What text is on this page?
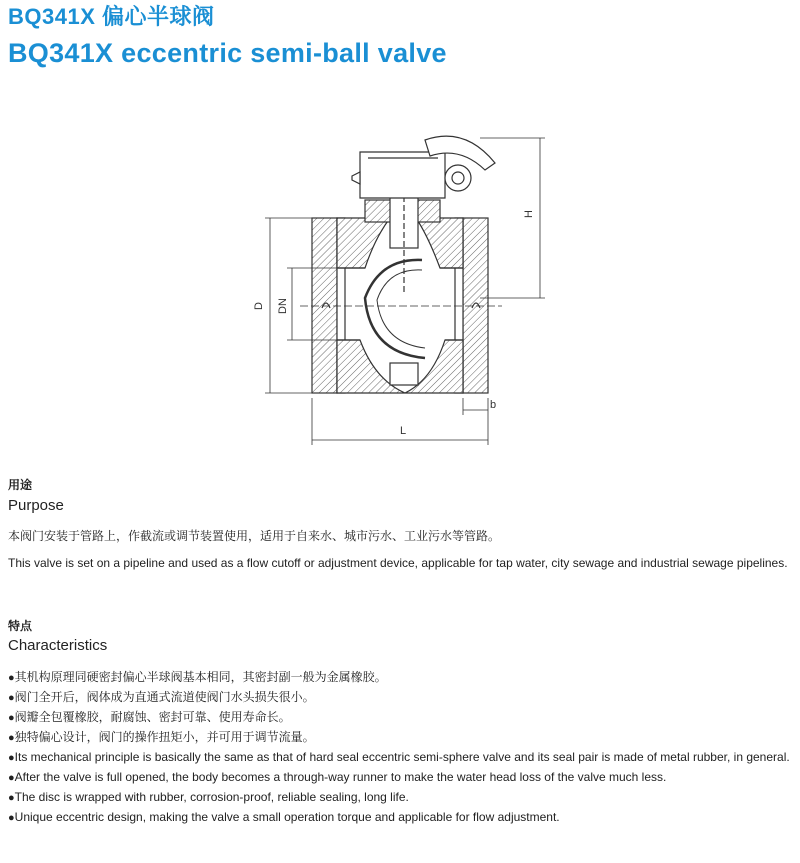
BQ341X 偏心半球阀
BQ341X eccentric semi-ball valve
H
D DN
L
b
用途
Purpose
本阀门安装于管路上，作截流或调节装置使用，适用于自来水、城市污水、工业污水等管路。
This valve is set on a pipeline and used as a flow cutoff or adjustment device, applicable for tap water, city sewage and industrial sewage pipelines.
特点
Characteristics
●其机构原理同硬密封偏心半球阀基本相同，其密封副一般为金属橡胶。
●阀门全开后，阀体成为直通式流道使阀门水头损失很小。
●阀瓣全包覆橡胶，耐腐蚀、密封可靠、使用寿命长。
●独特偏心设计，阀门的操作扭矩小，并可用于调节流量。
●Its mechanical principle is basically the same as that of hard seal eccentric semi-sphere valve and its seal pair is made of metal rubber, in general.
●After the valve is full opened, the body becomes a through-way runner to make the water head loss of the valve much less.
●The disc is wrapped with rubber, corrosion-proof, reliable sealing, long life.
●Unique eccentric design, making the valve a small operation torque and applicable for flow adjustment.
